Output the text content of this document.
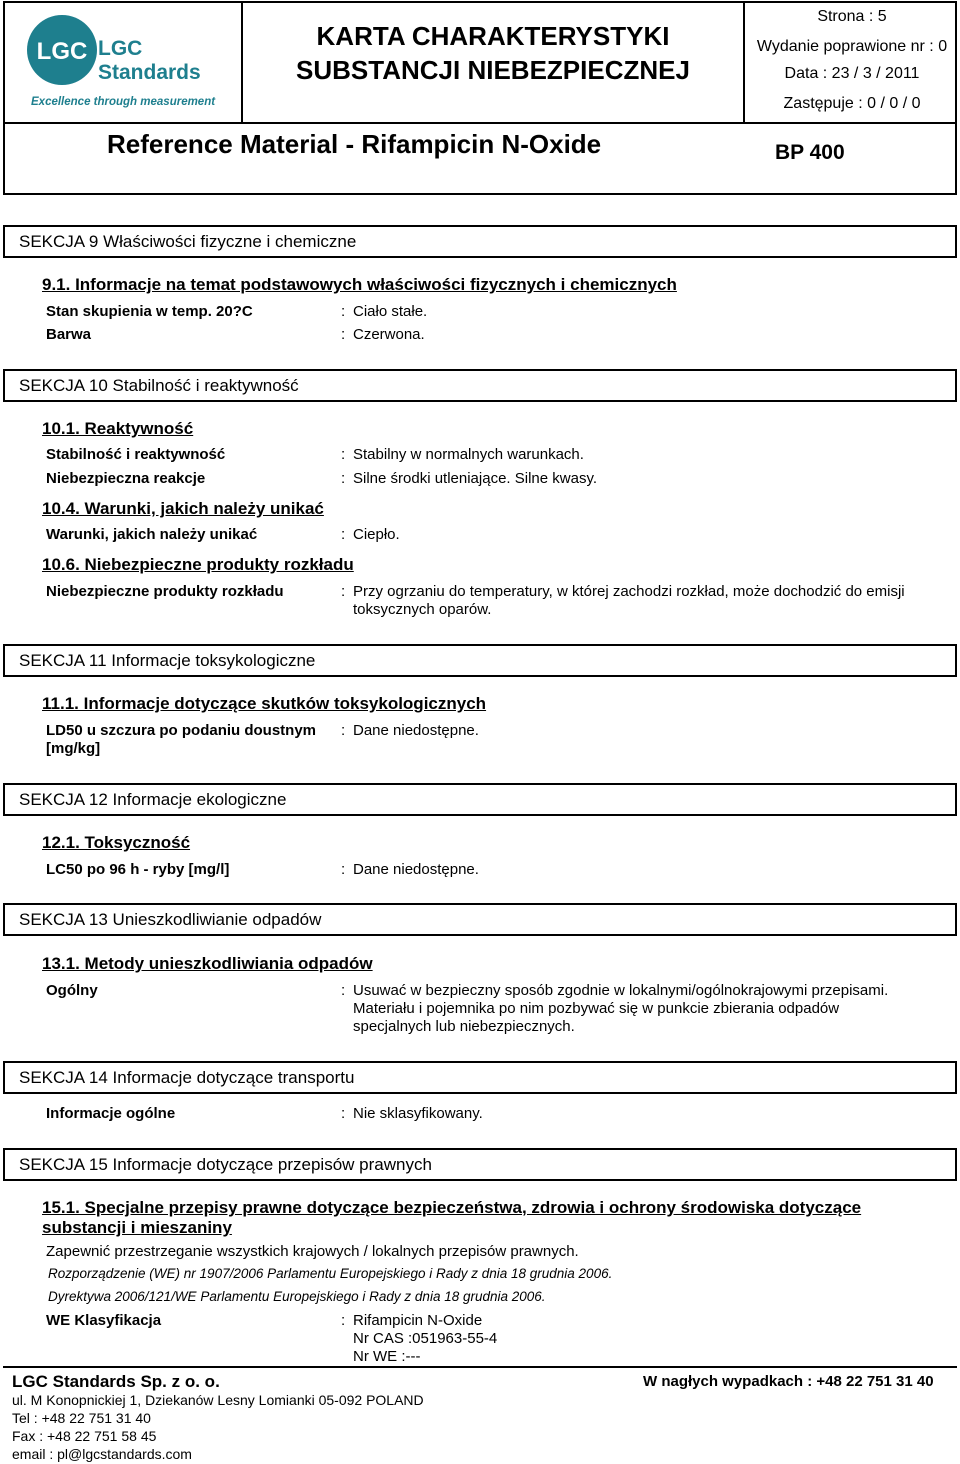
LGC LGC Standards
Excellence through measurement
KARTA CHARAKTERYSTYKI
SUBSTANCJI NIEBEZPIECZNEJ
Strona : 5
Wydanie poprawione nr : 0
Data : 23 / 3 / 2011
Zastępuje : 0 / 0 / 0
Reference Material - Rifampicin N-Oxide	BP 400
SEKCJA 9 Właściwości fizyczne i chemiczne
9.1. Informacje na temat podstawowych właściwości fizycznych i chemicznych
Stan skupienia w temp. 20?C	: Ciało stałe.
Barwa	: Czerwona.
SEKCJA 10 Stabilność i reaktywność
10.1. Reaktywność
Stabilność i reaktywność	: Stabilny w normalnych warunkach.
Niebezpieczna reakcje	: Silne środki utleniające. Silne kwasy.
10.4. Warunki, jakich należy unikać
Warunki, jakich należy unikać	: Ciepło.
10.6. Niebezpieczne produkty rozkładu
Niebezpieczne produkty rozkładu	: Przy ogrzaniu do temperatury, w której zachodzi rozkład, może dochodzić do emisji
toksycznych oparów.
SEKCJA 11 Informacje toksykologiczne
11.1. Informacje dotyczące skutków toksykologicznych
LD50 u szczura po podaniu doustnym
[mg/kg]
: Dane niedostępne.
SEKCJA 12 Informacje ekologiczne
12.1. Toksyczność
LC50 po 96 h - ryby [mg/l]	: Dane niedostępne.
SEKCJA 13 Unieszkodliwianie odpadów
13.1. Metody unieszkodliwiania odpadów
Ogólny	: Usuwać w bezpieczny sposób zgodnie w lokalnymi/ogólnokrajowymi przepisami.
Materiału i pojemnika po nim pozbywać się w punkcie zbierania odpadów
specjalnych lub niebezpiecznych.
SEKCJA 14 Informacje dotyczące transportu
Informacje ogólne	: Nie sklasyfikowany.
SEKCJA 15 Informacje dotyczące przepisów prawnych
15.1. Specjalne przepisy prawne dotyczące bezpieczeństwa, zdrowia i ochrony środowiska dotyczące
substancji i mieszaniny
Zapewnić przestrzeganie wszystkich krajowych / lokalnych przepisów prawnych.
Rozporządzenie (WE) nr 1907/2006 Parlamentu Europejskiego i Rady z dnia 18 grudnia 2006.
Dyrektywa 2006/121/WE Parlamentu Europejskiego i Rady z dnia 18 grudnia 2006.
WE Klasyfikacja	: Rifampicin N-Oxide
Nr CAS :051963-55-4
Nr WE :---
LGC Standards Sp. z o. o.	W nagłych wypadkach : +48 22 751 31 40
ul. M Konopnickiej 1, Dziekanów Lesny Lomianki 05-092 POLAND
Tel : +48 22 751 31 40
Fax : +48 22 751 58 45
email : pl@lgcstandards.com
